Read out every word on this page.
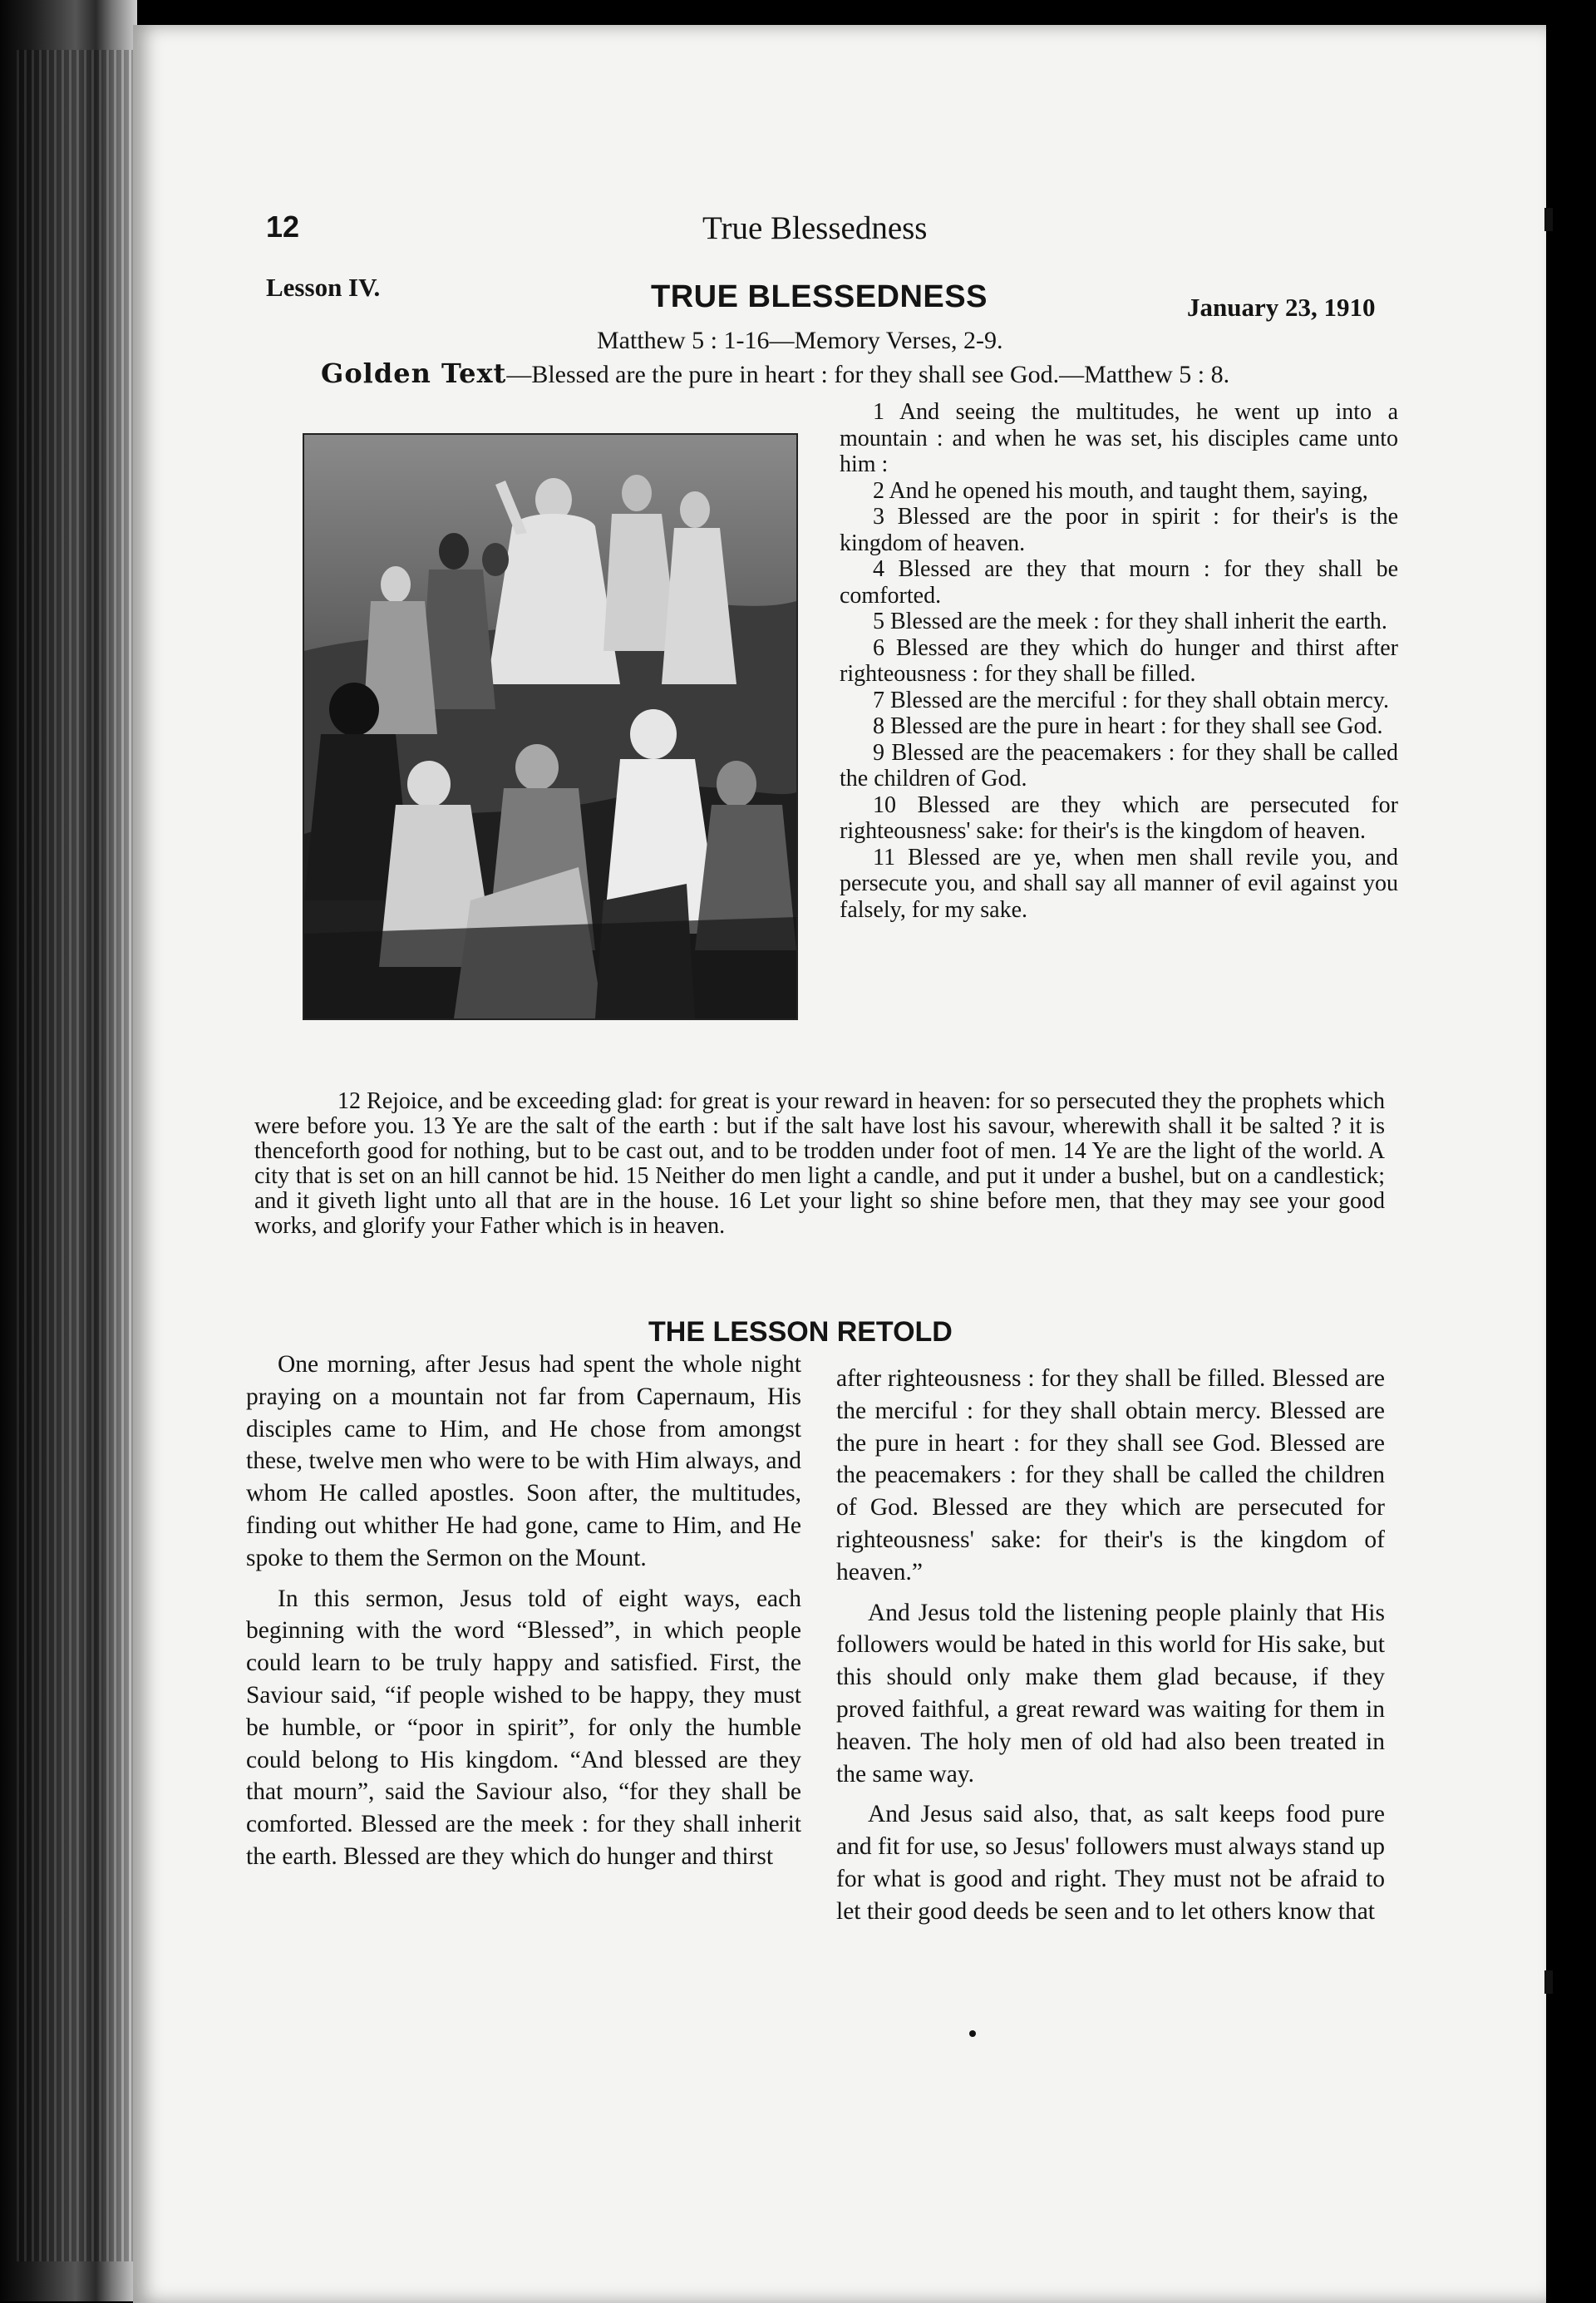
12	True Blessedness
Lesson IV.	TRUE BLESSEDNESS	January 23, 1910
Matthew 5 : 1-16—Memory Verses, 2-9.
Golden Text—Blessed are the pure in heart : for they shall see God.—Matthew 5 : 8.

1 And seeing the multitudes, he went up into a mountain : and when he was set, his disciples came unto him :

2 And he opened his mouth, and taught them, saying,

3 Blessed are the poor in spirit : for their's is the kingdom of heaven.

4 Blessed are they that mourn : for they shall be comforted.

5 Blessed are the meek : for they shall inherit the earth.

6 Blessed are they which do hunger and thirst after righteousness : for they shall be filled.

7 Blessed are the merciful : for they shall obtain mercy.

8 Blessed are the pure in heart : for they shall see God.

9 Blessed are the peacemakers : for they shall be called the children of God.

10 Blessed are they which are persecuted for righteousness' sake: for their's is the kingdom of heaven.

11 Blessed are ye, when men shall revile you, and persecute you, and shall say all manner of evil against you falsely, for my sake.

12 Rejoice, and be exceeding glad: for great is your reward in heaven: for so persecuted they the prophets which were before you. 13 Ye are the salt of the earth : but if the salt have lost his savour, wherewith shall it be salted ? it is thenceforth good for nothing, but to be cast out, and to be trodden under foot of men. 14 Ye are the light of the world. A city that is set on an hill cannot be hid. 15 Neither do men light a candle, and put it under a bushel, but on a candlestick; and it giveth light unto all that are in the house. 16 Let your light so shine before men, that they may see your good works, and glorify your Father which is in heaven.

THE LESSON RETOLD

One morning, after Jesus had spent the whole night praying on a mountain not far from Capernaum, His disciples came to Him, and He chose from amongst these, twelve men who were to be with Him always, and whom He called apostles. Soon after, the multitudes, finding out whither He had gone, came to Him, and He spoke to them the Sermon on the Mount.

In this sermon, Jesus told of eight ways, each beginning with the word “Blessed”, in which people could learn to be truly happy and satisfied. First, the Saviour said, “if people wished to be happy, they must be humble, or “poor in spirit”, for only the humble could belong to His kingdom. “And blessed are they that mourn”, said the Saviour also, “for they shall be comforted. Blessed are the meek : for they shall inherit the earth. Blessed are they which do hunger and thirst

after righteousness : for they shall be filled. Blessed are the merciful : for they shall obtain mercy. Blessed are the pure in heart : for they shall see God. Blessed are the peacemakers : for they shall be called the children of God. Blessed are they which are persecuted for righteousness' sake: for their's is the kingdom of heaven.”

And Jesus told the listening people plainly that His followers would be hated in this world for His sake, but this should only make them glad because, if they proved faithful, a great reward was waiting for them in heaven. The holy men of old had also been treated in the same way.

And Jesus said also, that, as salt keeps food pure and fit for use, so Jesus' followers must always stand up for what is good and right. They must not be afraid to let their good deeds be seen and to let others know that
